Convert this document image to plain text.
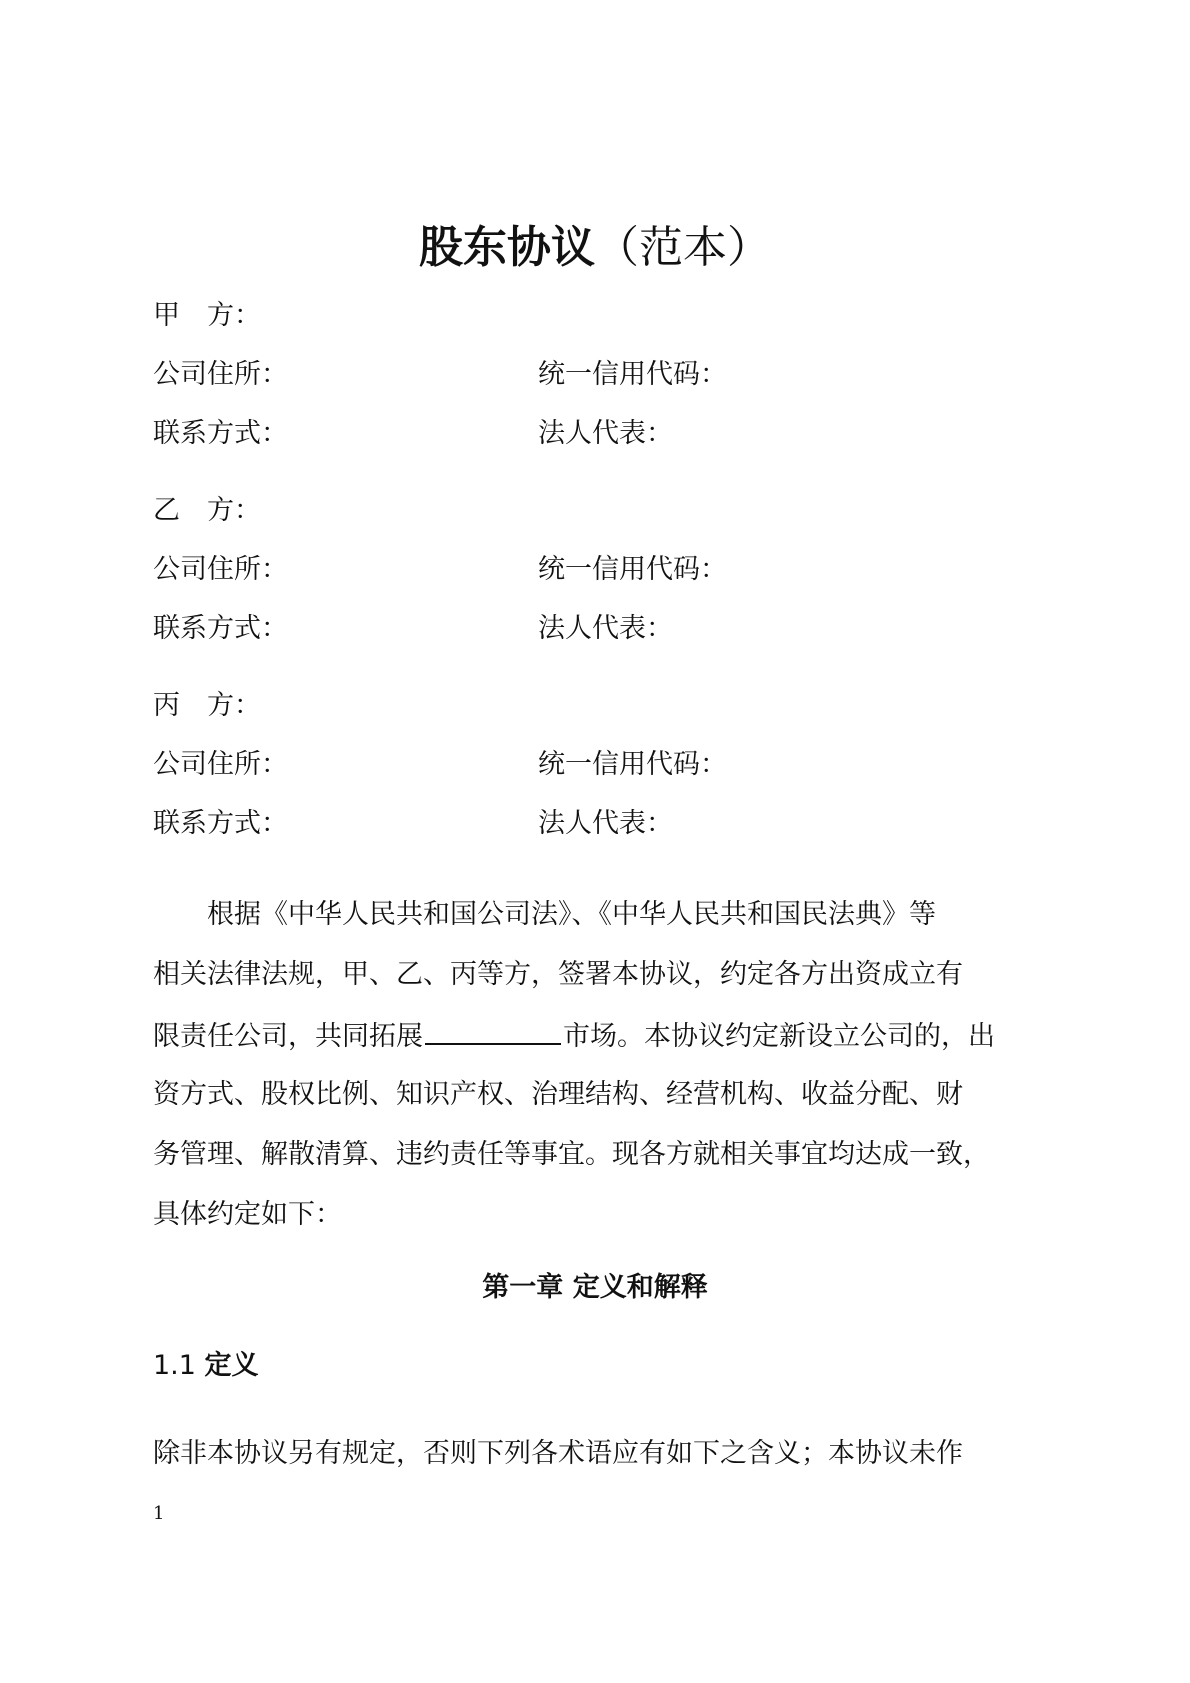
股东协议（范本）
甲　方：
公司住所：	统一信用代码：
联系方式：	法人代表：
乙　方：
公司住所：	统一信用代码：
联系方式：	法人代表：
丙　方：
公司住所：	统一信用代码：
联系方式：	法人代表：
　　根据《中华人民共和国公司法》、《中华人民共和国民法典》等
相关法律法规，甲、乙、丙等方，签署本协议，约定各方出资成立有
限责任公司，共同拓展	市场。本协议约定新设立公司的，出
资方式、股权比例、知识产权、治理结构、经营机构、收益分配、财
务管理、解散清算、违约责任等事宜。现各方就相关事宜均达成一致，
具体约定如下：
第一章 定义和解释
1.1 定义
除非本协议另有规定，否则下列各术语应有如下之含义；本协议未作
1
